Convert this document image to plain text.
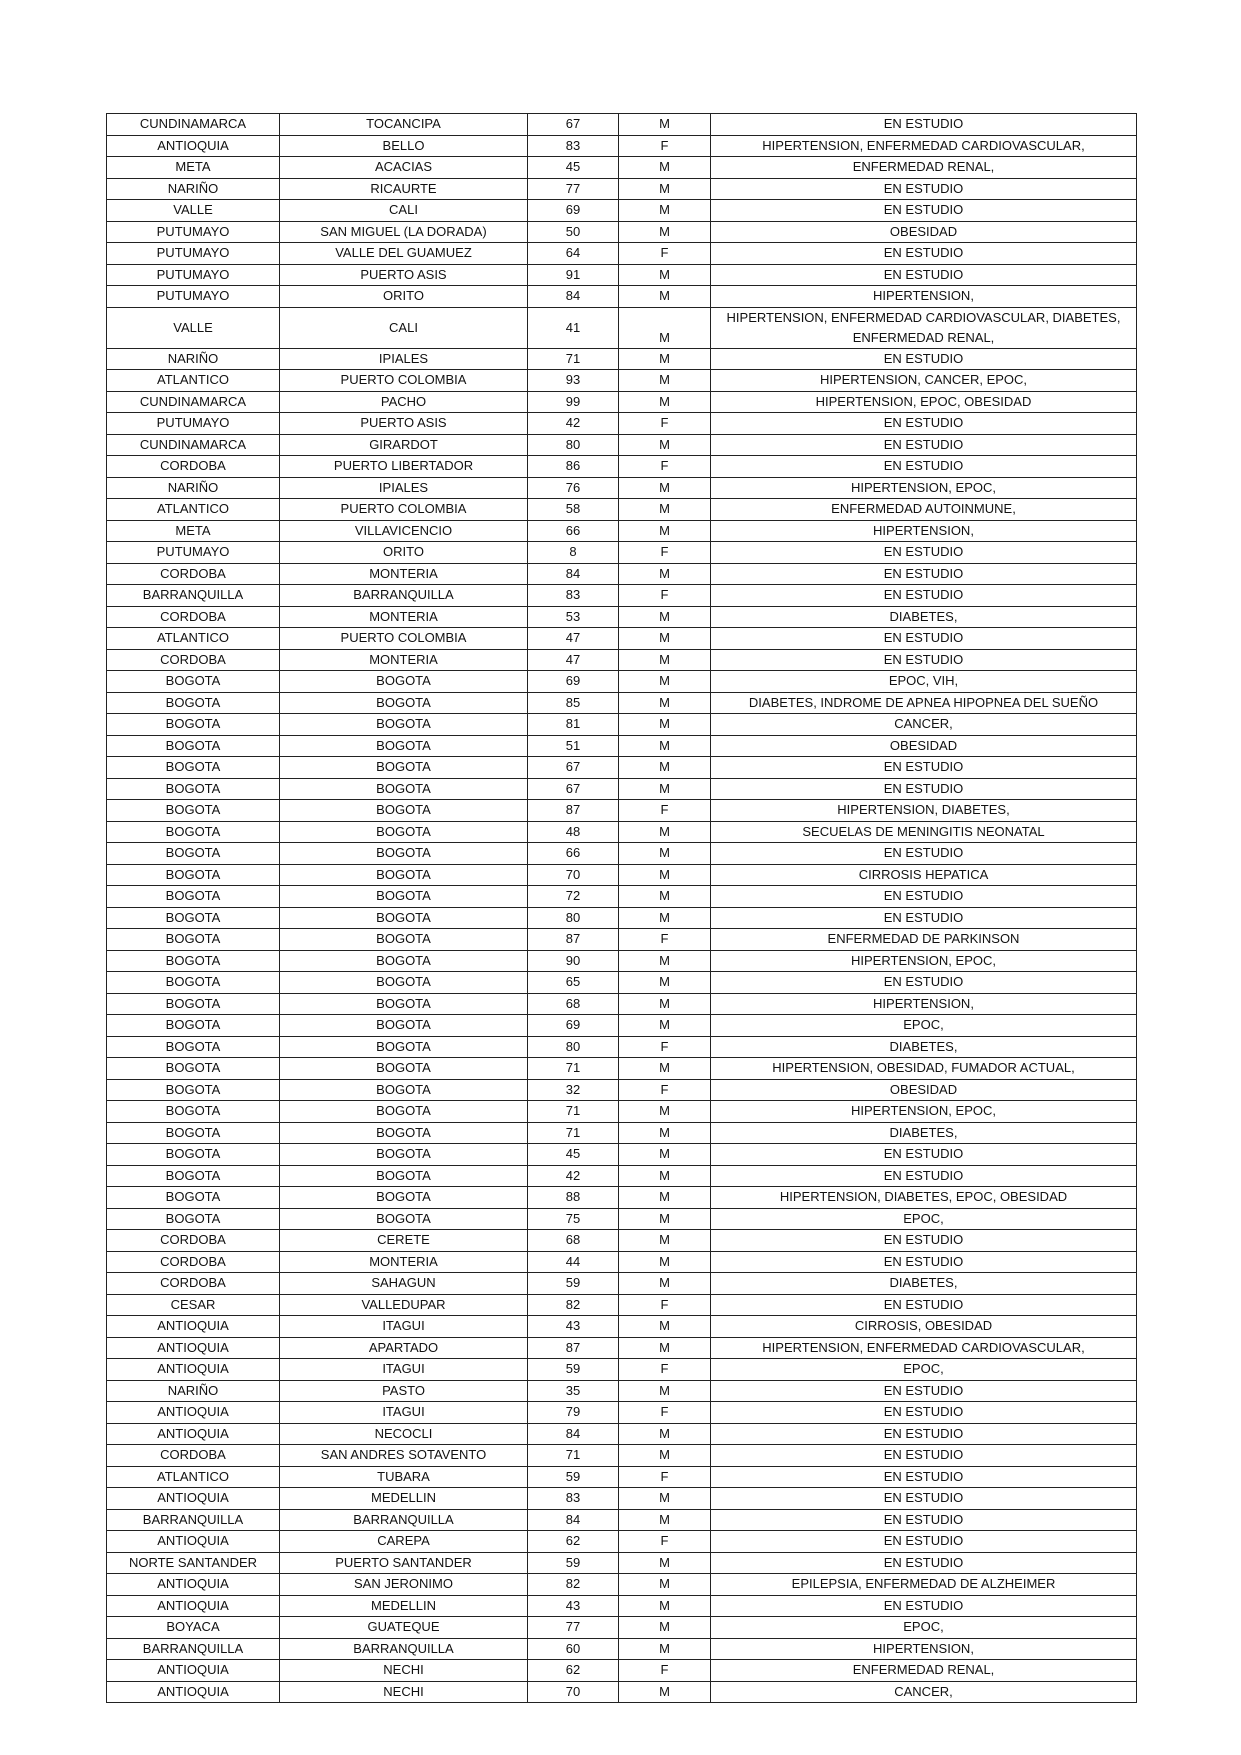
CUNDINAMARCA	TOCANCIPA	67	M	EN ESTUDIO
ANTIOQUIA	BELLO	83	F	HIPERTENSION, ENFERMEDAD CARDIOVASCULAR,
META	ACACIAS	45	M	ENFERMEDAD RENAL,
NARIÑO	RICAURTE	77	M	EN ESTUDIO
VALLE	CALI	69	M	EN ESTUDIO
PUTUMAYO	SAN MIGUEL (LA DORADA)	50	M	OBESIDAD
PUTUMAYO	VALLE DEL GUAMUEZ	64	F	EN ESTUDIO
PUTUMAYO	PUERTO ASIS	91	M	EN ESTUDIO
PUTUMAYO	ORITO	84	M	HIPERTENSION,
VALLE	CALI	41	M	HIPERTENSION, ENFERMEDAD CARDIOVASCULAR, DIABETES, ENFERMEDAD RENAL,
NARIÑO	IPIALES	71	M	EN ESTUDIO
ATLANTICO	PUERTO COLOMBIA	93	M	HIPERTENSION, CANCER, EPOC,
CUNDINAMARCA	PACHO	99	M	HIPERTENSION, EPOC, OBESIDAD
PUTUMAYO	PUERTO ASIS	42	F	EN ESTUDIO
CUNDINAMARCA	GIRARDOT	80	M	EN ESTUDIO
CORDOBA	PUERTO LIBERTADOR	86	F	EN ESTUDIO
NARIÑO	IPIALES	76	M	HIPERTENSION, EPOC,
ATLANTICO	PUERTO COLOMBIA	58	M	ENFERMEDAD AUTOINMUNE,
META	VILLAVICENCIO	66	M	HIPERTENSION,
PUTUMAYO	ORITO	8	F	EN ESTUDIO
CORDOBA	MONTERIA	84	M	EN ESTUDIO
BARRANQUILLA	BARRANQUILLA	83	F	EN ESTUDIO
CORDOBA	MONTERIA	53	M	DIABETES,
ATLANTICO	PUERTO COLOMBIA	47	M	EN ESTUDIO
CORDOBA	MONTERIA	47	M	EN ESTUDIO
BOGOTA	BOGOTA	69	M	EPOC, VIH,
BOGOTA	BOGOTA	85	M	DIABETES, INDROME DE APNEA HIPOPNEA DEL SUEÑO
BOGOTA	BOGOTA	81	M	CANCER,
BOGOTA	BOGOTA	51	M	OBESIDAD
BOGOTA	BOGOTA	67	M	EN ESTUDIO
BOGOTA	BOGOTA	67	M	EN ESTUDIO
BOGOTA	BOGOTA	87	F	HIPERTENSION, DIABETES,
BOGOTA	BOGOTA	48	M	SECUELAS DE MENINGITIS NEONATAL
BOGOTA	BOGOTA	66	M	EN ESTUDIO
BOGOTA	BOGOTA	70	M	CIRROSIS HEPATICA
BOGOTA	BOGOTA	72	M	EN ESTUDIO
BOGOTA	BOGOTA	80	M	EN ESTUDIO
BOGOTA	BOGOTA	87	F	ENFERMEDAD DE PARKINSON
BOGOTA	BOGOTA	90	M	HIPERTENSION, EPOC,
BOGOTA	BOGOTA	65	M	EN ESTUDIO
BOGOTA	BOGOTA	68	M	HIPERTENSION,
BOGOTA	BOGOTA	69	M	EPOC,
BOGOTA	BOGOTA	80	F	DIABETES,
BOGOTA	BOGOTA	71	M	HIPERTENSION, OBESIDAD, FUMADOR ACTUAL,
BOGOTA	BOGOTA	32	F	OBESIDAD
BOGOTA	BOGOTA	71	M	HIPERTENSION, EPOC,
BOGOTA	BOGOTA	71	M	DIABETES,
BOGOTA	BOGOTA	45	M	EN ESTUDIO
BOGOTA	BOGOTA	42	M	EN ESTUDIO
BOGOTA	BOGOTA	88	M	HIPERTENSION, DIABETES, EPOC, OBESIDAD
BOGOTA	BOGOTA	75	M	EPOC,
CORDOBA	CERETE	68	M	EN ESTUDIO
CORDOBA	MONTERIA	44	M	EN ESTUDIO
CORDOBA	SAHAGUN	59	M	DIABETES,
CESAR	VALLEDUPAR	82	F	EN ESTUDIO
ANTIOQUIA	ITAGUI	43	M	CIRROSIS, OBESIDAD
ANTIOQUIA	APARTADO	87	M	HIPERTENSION, ENFERMEDAD CARDIOVASCULAR,
ANTIOQUIA	ITAGUI	59	F	EPOC,
NARIÑO	PASTO	35	M	EN ESTUDIO
ANTIOQUIA	ITAGUI	79	F	EN ESTUDIO
ANTIOQUIA	NECOCLI	84	M	EN ESTUDIO
CORDOBA	SAN ANDRES SOTAVENTO	71	M	EN ESTUDIO
ATLANTICO	TUBARA	59	F	EN ESTUDIO
ANTIOQUIA	MEDELLIN	83	M	EN ESTUDIO
BARRANQUILLA	BARRANQUILLA	84	M	EN ESTUDIO
ANTIOQUIA	CAREPA	62	F	EN ESTUDIO
NORTE SANTANDER	PUERTO SANTANDER	59	M	EN ESTUDIO
ANTIOQUIA	SAN JERONIMO	82	M	EPILEPSIA, ENFERMEDAD DE ALZHEIMER
ANTIOQUIA	MEDELLIN	43	M	EN ESTUDIO
BOYACA	GUATEQUE	77	M	EPOC,
BARRANQUILLA	BARRANQUILLA	60	M	HIPERTENSION,
ANTIOQUIA	NECHI	62	F	ENFERMEDAD RENAL,
ANTIOQUIA	NECHI	70	M	CANCER,
